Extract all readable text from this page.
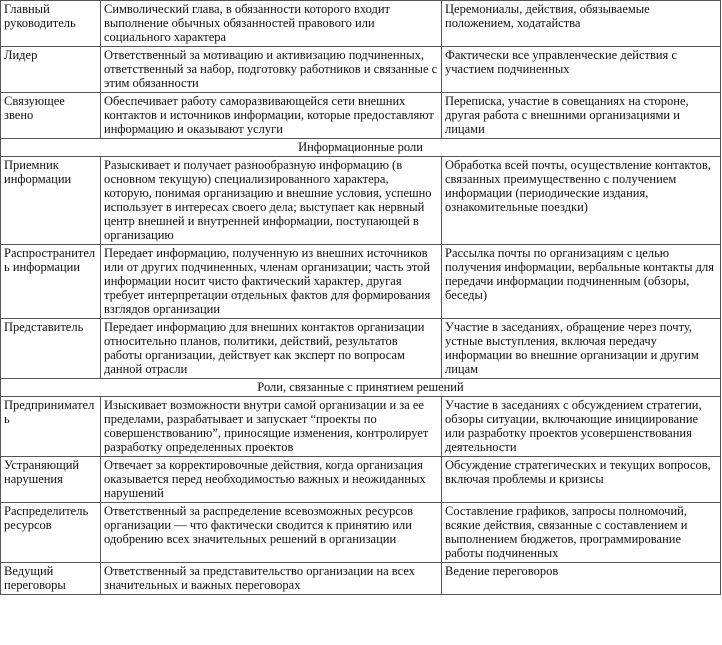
Главный руководитель	Символический глава, в обязанности которого входит выполнение обычных обязанностей правового или социального характера	Церемониалы, действия, обязываемые положением, ходатайства
Лидер	Ответственный за мотивацию и активизацию подчиненных, ответственный за набор, подготовку работников и связанные с этим обязанности	Фактически все управленческие действия с участием подчиненных
Связующее звено	Обеспечивает работу саморазвивающейся сети внешних контактов и источников информации, которые предоставляют информацию и оказывают услуги	Переписка, участие в совещаниях на стороне, другая работа с внешними организациями и лицами
Информационные роли		
Приемник информации	Разыскивает и получает разнообразную информацию (в основном текущую) специализированного характера, которую, понимая организацию и внешние условия, успешно использует в интересах своего дела; выступает как нервный центр внешней и внутренней информации, поступающей в организацию	Обработка всей почты, осуществление контактов, связанных преимущественно с получением информации (периодические издания, ознакомительные поездки)
Распространитель информации	Передает информацию, полученную из внешних источников или от других подчиненных, членам организации; часть этой информации носит чисто фактический характер, другая требует интерпретации отдельных фактов для формирования взглядов организации	Рассылка почты по организациям с целью получения информации, вербальные контакты для передачи информации подчиненным (обзоры, беседы)
Представитель	Передает информацию для внешних контактов организации относительно планов, политики, действий, результатов работы организации, действует как эксперт по вопросам данной отрасли	Участие в заседаниях, обращение через почту, устные выступления, включая передачу информации во внешние организации и другим лицам
Роли, связанные с принятием решений		
Предприниматель	Изыскивает возможности внутри самой организации и за ее пределами, разрабатывает и запускает “проекты по совершенствованию”, приносящие изменения, контролирует разработку определенных проектов	Участие в заседаниях с обсуждением стратегии, обзоры ситуации, включающие инициирование или разработку проектов усовершенствования деятельности
Устраняющий нарушения	Отвечает за корректировочные действия, когда организация оказывается перед необходимостью важных и неожиданных нарушений	Обсуждение стратегических и текущих вопросов, включая проблемы и кризисы
Распределитель ресурсов	Ответственный за распределение всевозможных ресурсов организации — что фактически сводится к принятию или одобрению всех значительных решений в организации	Составление графиков, запросы полномочий, всякие действия, связанные с составлением и выполнением бюджетов, программирование работы подчиненных
Ведущий переговоры	Ответственный за представительство организации на всех значительных и важных переговорах	Ведение переговоров
